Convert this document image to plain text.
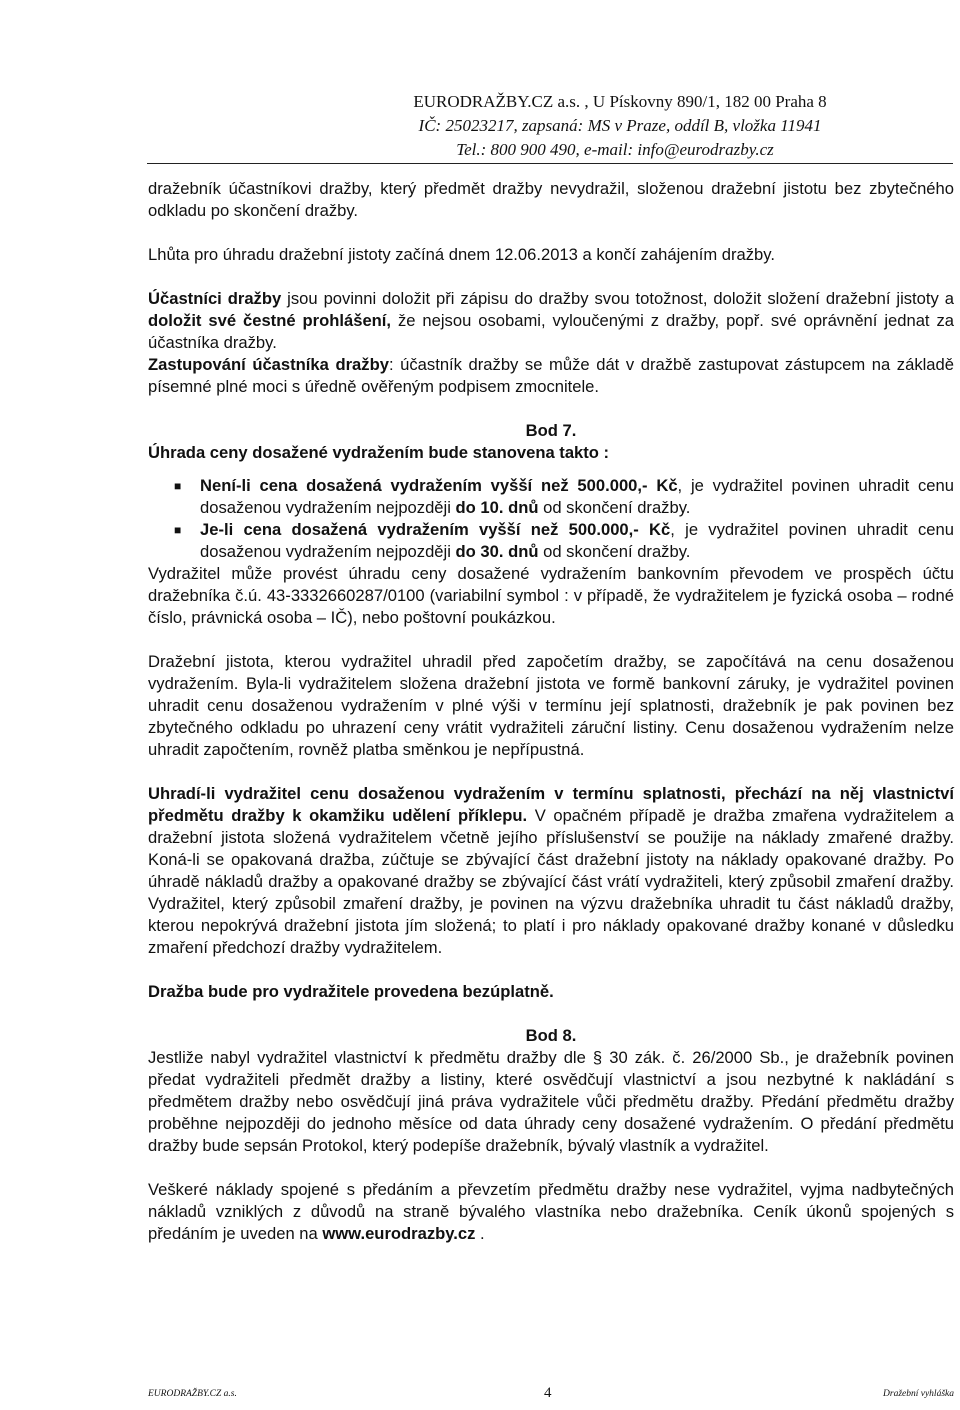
EURODRAŽBY.CZ a.s. , U Pískovny 890/1, 182 00 Praha 8
IČ: 25023217, zapsaná: MS v Praze, oddíl B, vložka 11941
Tel.: 800 900 490, e-mail: info@eurodrazby.cz

dražebník účastníkovi dražby, který předmět dražby nevydražil, složenou dražební jistotu bez zbytečného odkladu po skončení dražby.

Lhůta pro úhradu dražební jistoty začíná dnem 12.06.2013 a končí zahájením dražby.

Účastníci dražby jsou povinni doložit při zápisu do dražby svou totožnost, doložit složení dražební jistoty a doložit své čestné prohlášení, že nejsou osobami, vyloučenými z dražby, popř. své oprávnění jednat za účastníka dražby.

Zastupování účastníka dražby: účastník dražby se může dát v dražbě zastupovat zástupcem na základě písemné plné moci s úředně ověřeným podpisem zmocnitele.

Bod 7.

Úhrada ceny dosažené vydražením bude stanovena takto :

■ Není-li cena dosažená vydražením vyšší než 500.000,- Kč, je vydražitel povinen uhradit cenu dosaženou vydražením nejpozději do 10. dnů od skončení dražby.
■ Je-li cena dosažená vydražením vyšší než 500.000,- Kč, je vydražitel povinen uhradit cenu dosaženou vydražením nejpozději do 30. dnů od skončení dražby.

Vydražitel může provést úhradu ceny dosažené vydražením bankovním převodem ve prospěch účtu dražebníka č.ú. 43-3332660287/0100 (variabilní symbol : v případě, že vydražitelem je fyzická osoba – rodné číslo, právnická osoba – IČ), nebo poštovní poukázkou.

Dražební jistota, kterou vydražitel uhradil před započetím dražby, se započítává na cenu dosaženou vydražením. Byla-li vydražitelem složena dražební jistota ve formě bankovní záruky, je vydražitel povinen uhradit cenu dosaženou vydražením v plné výši v termínu její splatnosti, dražebník je pak povinen bez zbytečného odkladu po uhrazení ceny vrátit vydražiteli záruční listiny. Cenu dosaženou vydražením nelze uhradit započtením, rovněž platba směnkou je nepřípustná.

Uhradí-li vydražitel cenu dosaženou vydražením v termínu splatnosti, přechází na něj vlastnictví předmětu dražby k okamžiku udělení příklepu. V opačném případě je dražba zmařena vydražitelem a dražební jistota složená vydražitelem včetně jejího příslušenství se použije na náklady zmařené dražby. Koná-li se opakovaná dražba, zúčtuje se zbývající část dražební jistoty na náklady opakované dražby. Po úhradě nákladů dražby a opakované dražby se zbývající část vrátí vydražiteli, který způsobil zmaření dražby. Vydražitel, který způsobil zmaření dražby, je povinen na výzvu dražebníka uhradit tu část nákladů dražby, kterou nepokrývá dražební jistota jím složená; to platí i pro náklady opakované dražby konané v důsledku zmaření předchozí dražby vydražitelem.

Dražba bude pro vydražitele provedena bezúplatně.

Bod 8.

Jestliže nabyl vydražitel vlastnictví k předmětu dražby dle § 30 zák. č. 26/2000 Sb., je dražebník povinen předat vydražiteli předmět dražby a listiny, které osvědčují vlastnictví a jsou nezbytné k nakládání s předmětem dražby nebo osvědčují jiná práva vydražitele vůči předmětu dražby. Předání předmětu dražby proběhne nejpozději do jednoho měsíce od data úhrady ceny dosažené vydražením. O předání předmětu dražby bude sepsán Protokol, který podepíše dražebník, bývalý vlastník a vydražitel.

Veškeré náklady spojené s předáním a převzetím předmětu dražby nese vydražitel, vyjma nadbytečných nákladů vzniklých z důvodů na straně bývalého vlastníka nebo dražebníka. Ceník úkonů spojených s předáním je uveden na www.eurodrazby.cz .

EURODRAŽBY.CZ a.s.	4	Dražební vyhláška
